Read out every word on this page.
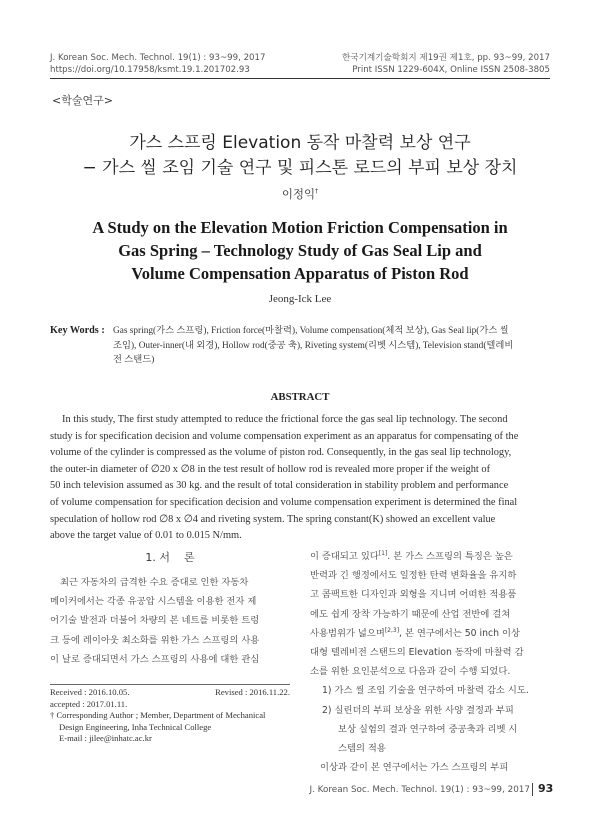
J. Korean Soc. Mech. Technol. 19(1) : 93~99, 2017
https://doi.org/10.17958/ksmt.19.1.201702.93
한국기계기술학회지 제19권 제1호, pp. 93~99, 2017
Print ISSN 1229-604X, Online ISSN 2508-3805
<학술연구>
가스 스프링 Elevation 동작 마찰력 보상 연구
− 가스 씰 조임 기술 연구 및 피스톤 로드의 부피 보상 장치
이정익†
A Study on the Elevation Motion Friction Compensation in
Gas Spring – Technology Study of Gas Seal Lip and
Volume Compensation Apparatus of Piston Rod
Jeong-Ick Lee
Key Words : Gas spring(가스 스프링), Friction force(마찰력), Volume compensation(체적 보상), Gas Seal lip(가스 씰
조임), Outer-inner(내 외경), Hollow rod(중공 축), Riveting system(리벳 시스템), Television stand(텔레비
전 스탠드)
ABSTRACT
In this study, The first study attempted to reduce the frictional force the gas seal lip technology. The second
study is for specification decision and volume compensation experiment as an apparatus for compensating of the
volume of the cylinder is compressed as the volume of piston rod. Consequently, in the gas seal lip technology,
the outer-in diameter of ∅20 x ∅8 in the test result of hollow rod is revealed more proper if the weight of
50 inch television assumed as 30 kg. and the result of total consideration in stability problem and performance
of volume compensation for specification decision and volume compensation experiment is determined the final
speculation of hollow rod ∅8 x ∅4 and riveting system. The spring constant(K) showed an excellent value
above the target value of 0.01 to 0.015 N/mm.
1. 서    론
최근 자동차의 급격한 수요 증대로 인한 자동차
메이커에서는 각종 유공압 시스템을 이용한 전자 제
어기술 발전과 더불어 차량의 본 네트를 비롯한 트렁
크 등에 레이아웃 최소화를 위한 가스 스프링의 사용
이 날로 증대되면서 가스 스프링의 사용에 대한 관심
Received : 2016.10.05.	Revised : 2016.11.22.
accepted : 2017.01.11.
† Corresponding Author ; Member, Department of Mechanical
Design Engineering, Inha Technical College
E-mail : jilee@inhatc.ac.kr
이 증대되고 있다[1]. 본 가스 스프링의 특징은 높은
반력과 긴 행정에서도 일정한 탄력 변화율을 유지하
고 콤팩트한 디자인과 외형을 지니며 어떠한 적용품
에도 쉽게 장착 가능하기 때문에 산업 전반에 걸쳐
사용범위가 넓으며[2,3], 본 연구에서는 50 inch 이상
대형 텔레비전 스탠드의 Elevation 동작에 마찰력 감
소를 위한 요인분석으로 다음과 같이 수행 되었다.
1) 가스 씰 조임 기술을 연구하여 마찰력 감소 시도.
2) 실린더의 부피 보상을 위한 사양 결정과 부피
보상 실험의 결과 연구하여 중공축과 리벳 시
스템의 적용
이상과 같이 본 연구에서는 가스 스프링의 부피
J. Korean Soc. Mech. Technol. 19(1) : 93~99, 2017 93
